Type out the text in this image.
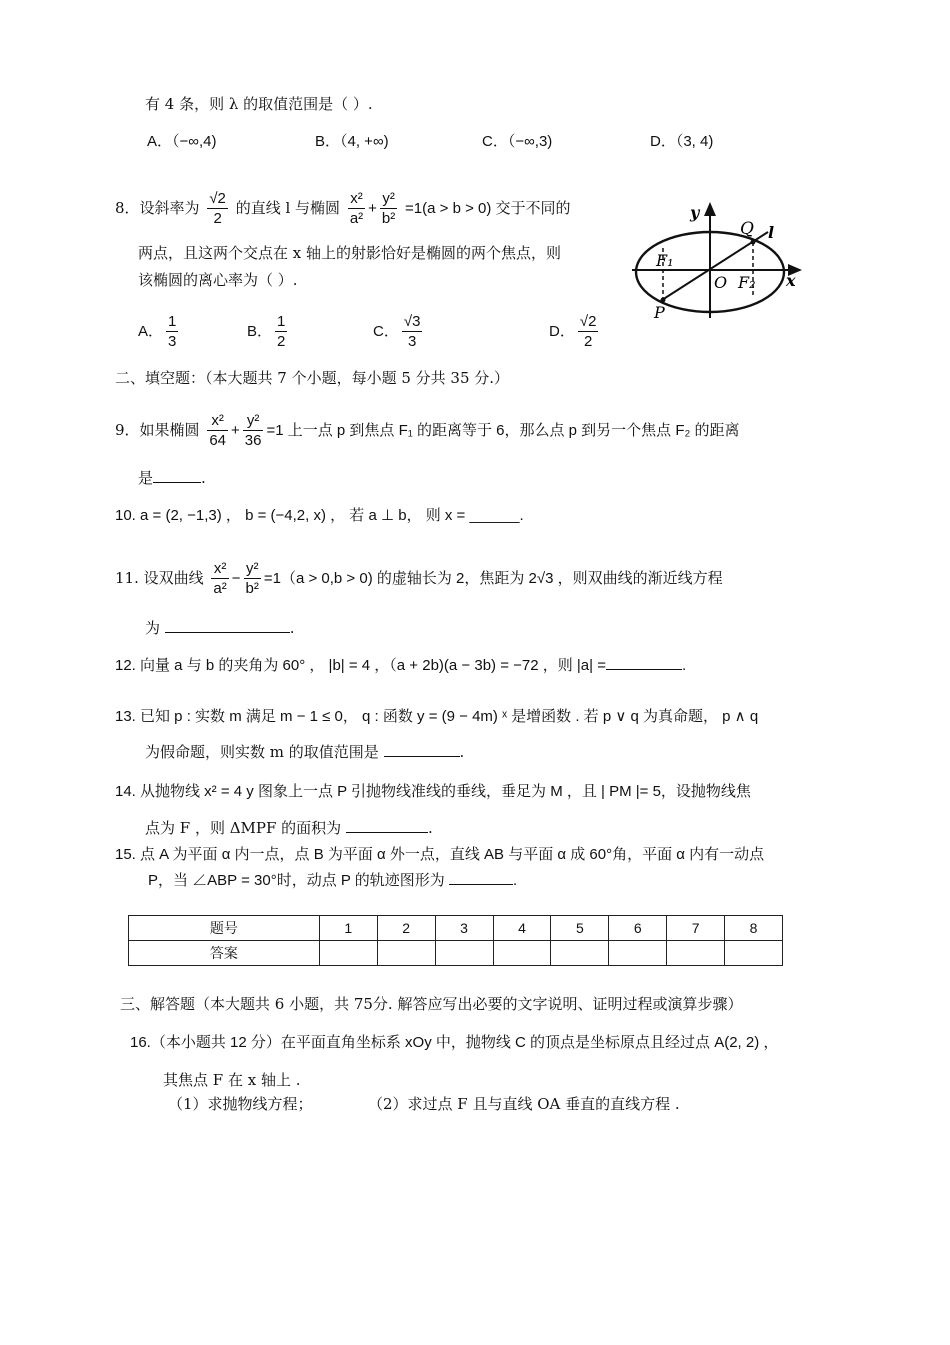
有 4 条，则 λ 的取值范围是（ ）.
A．（−∞,4)	B．（4, +∞)	C．（−∞,3)	D．（3, 4)
8．设斜率为 $\frac{√2}{2}$ 的直线 l 与椭圆 $\frac{\text{x²}}{\text{a²}} + \frac{\text{y²}}{\text{b²}} =1(a > b > 0)$ 交于不同的
两点，且这两个交点在 x 轴上的射影恰好是椭圆的两个焦点，则
该椭圆的离心率为（ ）.
A． $\frac{1}{3}$	B． $\frac{1}{2}$	C． $\frac{√3}{3}$	D． $\frac{√2}{2}$
y
x
Q l
F₁
O F₂
P
二、填空题：（本大题共 7 个小题，每小题 5 分共 35 分.）
9．如果椭圆 $\frac{\text{x²}}{64} + \frac{\text{y²}}{36} =1$ 上一点 p 到焦点 F₁ 的距离等于 6，那么点 p 到另一个焦点 F₂ 的距离
是	.
10. a = (2, −1,3) ， b = (−4,2, x) ， 若 a ⊥ b， 则 x = ______.
11. 设双曲线 $\frac{\text{x²}}{\text{a²}} - \frac{\text{y²}}{\text{b²}} =1(a > 0,b > 0)$ 的虚轴长为 2，焦距为 2√3 ，则双曲线的渐近线方程
为	.
12. 向量 a 与 b 的夹角为 60° ， |b| = 4 ，（a + 2b)(a − 3b) = −72 ，则 |a| =	.
13. 已知 p : 实数 m 满足 m − 1 ≤ 0， q : 函数 y = (9 − 4m) ˣ 是增函数 . 若 p ∨ q 为真命题， p ∧ q
为假命题，则实数 m 的取值范围是	.
14. 从抛物线 x² = 4 y 图象上一点 P 引抛物线准线的垂线，垂足为 M ，且 | PM |= 5，设抛物线焦
点为 F ，则 ΔMPF 的面积为	.
15. 点 A 为平面 α 内一点，点 B 为平面 α 外一点，直线 AB 与平面 α 成 60°角，平面 α 内有一动点
P，当 ∠ABP = 30°时，动点 P 的轨迹图形为	.
题号	1	2	3	4	5	6	7	8
答案								
三、解答题（本大题共 6 小题，共 75分. 解答应写出必要的文字说明、证明过程或演算步骤）
16.（本小题共 12 分）在平面直角坐标系 xOy 中，抛物线 C 的顶点是坐标原点且经过点 A(2, 2) ，
其焦点 F 在 x 轴上 .
（1）求抛物线方程；	（2）求过点 F 且与直线 OA 垂直的直线方程 .
